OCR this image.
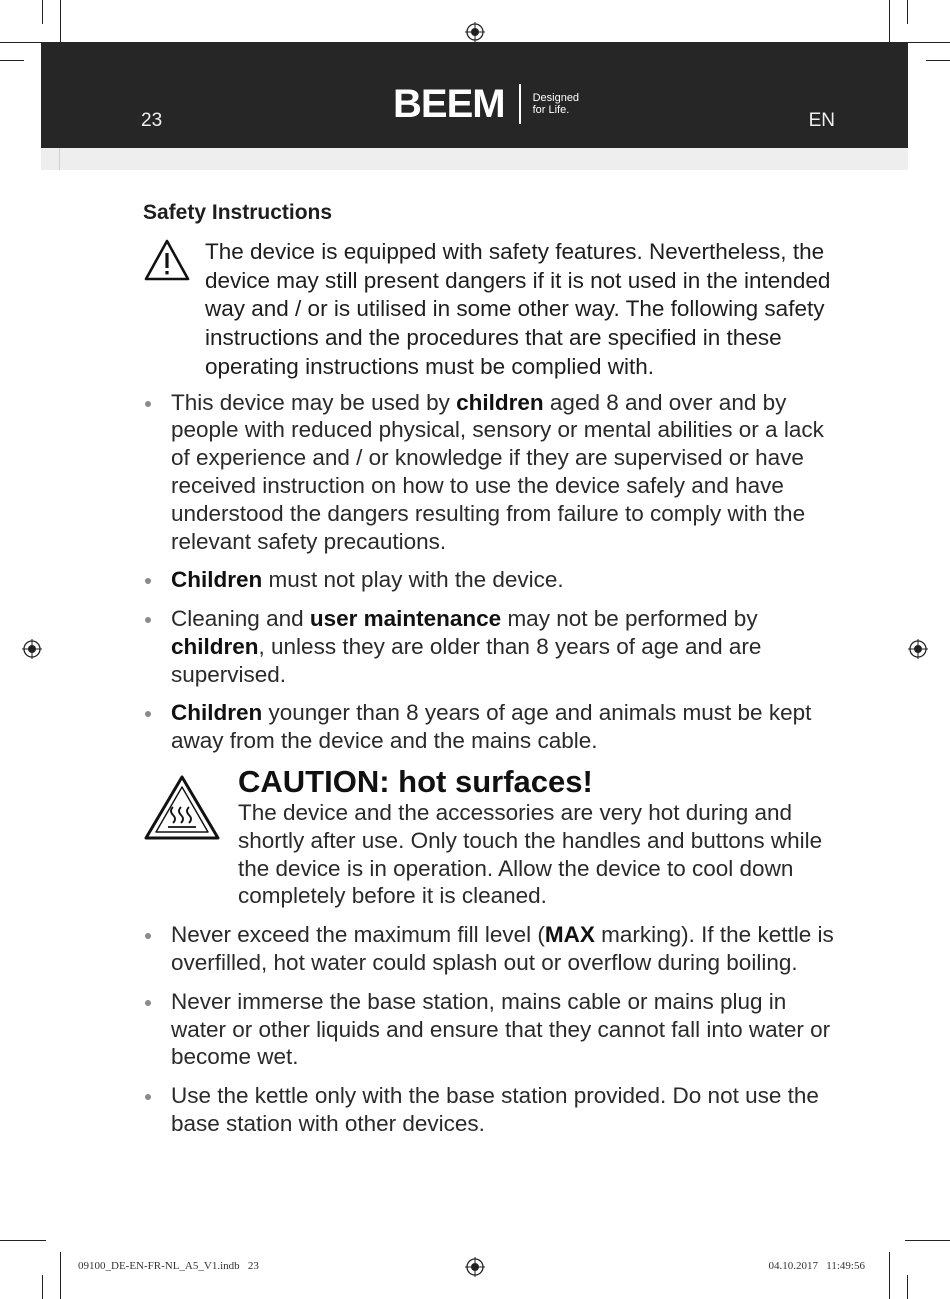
23	BEEM	Designed
for Life.	EN
Safety Instructions
The device is equipped with safety features. Nevertheless, the device may still present dangers if it is not used in the intended way and / or is utilised in some other way. The following safety instructions and the procedures that are specified in these operating instructions must be complied with.
This device may be used by children aged 8 and over and by people with reduced physical, sensory or mental abilities or a lack of experience and / or knowledge if they are supervised or have received instruction on how to use the device safely and have understood the dangers resulting from failure to comply with the relevant safety precautions.
Children must not play with the device.
Cleaning and user maintenance may not be performed by children, unless they are older than 8 years of age and are supervised.
Children younger than 8 years of age and animals must be kept away from the device and the mains cable.
CAUTION: hot surfaces!
The device and the accessories are very hot during and shortly after use. Only touch the handles and buttons while the device is in operation. Allow the device to cool down completely before it is cleaned.
Never exceed the maximum fill level (MAX marking). If the kettle is overfilled, hot water could splash out or overflow during boiling.
Never immerse the base station, mains cable or mains plug in water or other liquids and ensure that they cannot fall into water or become wet.
Use the kettle only with the base station provided. Do not use the base station with other devices.
09100_DE-EN-FR-NL_A5_V1.indb   23	04.10.2017   11:49:56
